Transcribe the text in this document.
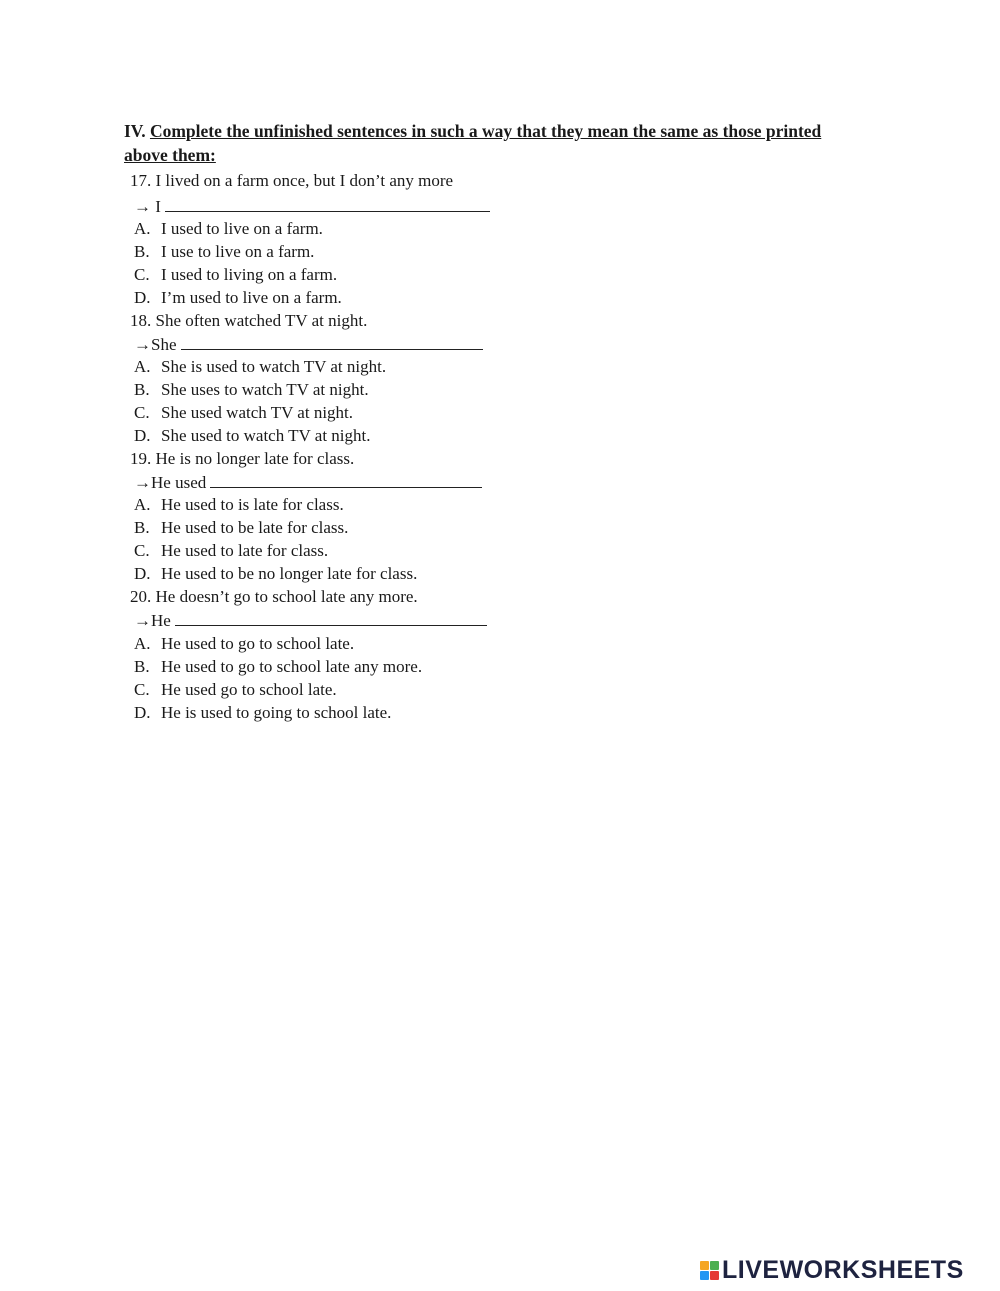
IV. Complete the unfinished sentences in such a way that they mean the same as those printed above them:
17. I lived on a farm once, but I don’t any more
→ I
A. I used to live on a farm.
B. I use to live on a farm.
C. I used to living on a farm.
D. I’m used to live on a farm.
18. She often watched TV at night.
→She
A. She is used to watch TV at night.
B. She uses to watch TV at night.
C. She used watch TV at night.
D. She used to watch TV at night.
19. He is no longer late for class.
→He used
A. He used to is late for class.
B. He used to be late for class.
C. He used to late for class.
D. He used to be no longer late for class.
20. He doesn’t go to school late any more.
→He
A. He used to go to school late.
B. He used to go to school late any more.
C. He used go to school late.
D. He is used to going to school late.
LIVEWORKSHEETS
